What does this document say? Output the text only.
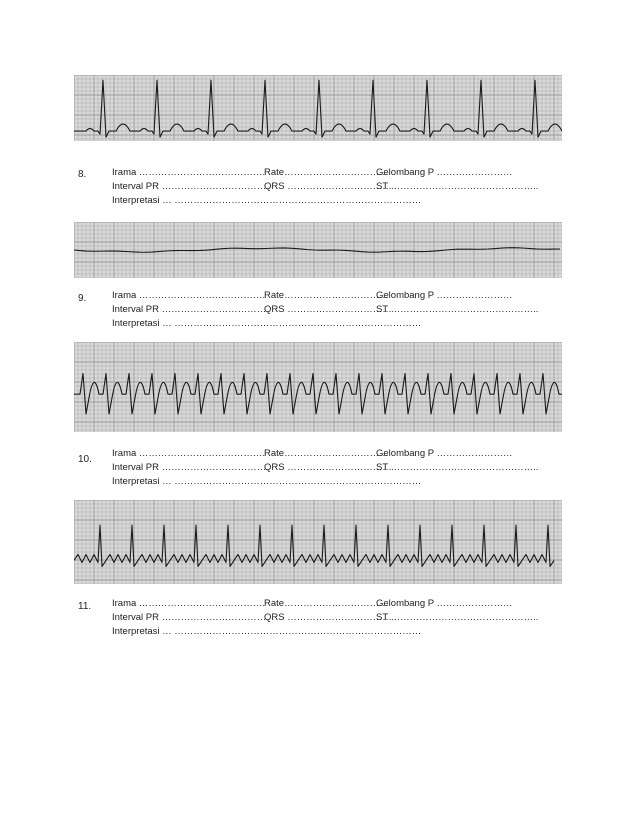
8.	Irama ………………………………….
Rate……………………………
Gelombang P ……………………
Interval PR ……………………………
QRS ……………………………
ST ………………………………………..
Interpretasi … ……………………………………………………………………
9.	Irama ………………………………….
Rate……………………………
Gelombang P ……………………
Interval PR ……………………………
QRS ……………………………
ST ………………………………………..
Interpretasi … ……………………………………………………………………
10.
Irama ………………………………….
Rate……………………………
Gelombang P ……………………
Interval PR ……………………………
QRS ……………………………
ST ………………………………………..
Interpretasi … ……………………………………………………………………
11. Irama ………………………………….
Rate……………………………
Gelombang P ……………………
Interval PR ……………………………
QRS ……………………………
ST ………………………………………..
Interpretasi … ……………………………………………………………………
